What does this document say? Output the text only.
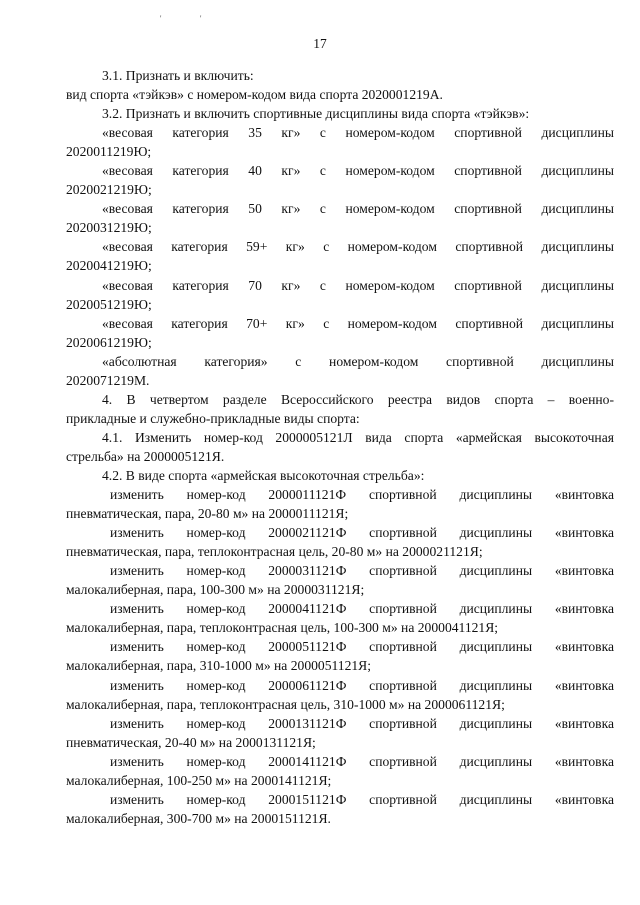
'	'
17

3.1. Признать и включить:

вид спорта «тэйкэв» с номером-кодом вида спорта 2020001219А.

3.2. Признать и включить спортивные дисциплины вида спорта «тэйкэв»:

«весовая категория 35 кг» с номером-кодом спортивной дисциплины

2020011219Ю;

«весовая категория 40 кг» с номером-кодом спортивной дисциплины

2020021219Ю;

«весовая категория 50 кг» с номером-кодом спортивной дисциплины

2020031219Ю;

«весовая категория 59+ кг» с номером-кодом спортивной дисциплины

2020041219Ю;

«весовая категория 70 кг» с номером-кодом спортивной дисциплины

2020051219Ю;

«весовая категория 70+ кг» с номером-кодом спортивной дисциплины

2020061219Ю;

«абсолютная категория» с номером-кодом спортивной дисциплины

2020071219М.

4. В четвертом разделе Всероссийского реестра видов спорта – военно-

прикладные и служебно-прикладные виды спорта:

4.1. Изменить номер-код 2000005121Л вида спорта «армейская высокоточная

стрельба» на 2000005121Я.

4.2. В виде спорта «армейская высокоточная стрельба»:

изменить номер-код 2000011121Ф спортивной дисциплины «винтовка

пневматическая, пара, 20-80 м» на 2000011121Я;

изменить номер-код 2000021121Ф спортивной дисциплины «винтовка

пневматическая, пара, теплоконтрасная цель, 20-80 м» на 2000021121Я;

изменить номер-код 2000031121Ф спортивной дисциплины «винтовка

малокалиберная, пара, 100-300 м» на 2000031121Я;

изменить номер-код 2000041121Ф спортивной дисциплины «винтовка

малокалиберная, пара, теплоконтрасная цель, 100-300 м» на 2000041121Я;

изменить номер-код 2000051121Ф спортивной дисциплины «винтовка

малокалиберная, пара, 310-1000 м» на 2000051121Я;

изменить номер-код 2000061121Ф спортивной дисциплины «винтовка

малокалиберная, пара, теплоконтрасная цель, 310-1000 м» на 2000061121Я;

изменить номер-код 2000131121Ф спортивной дисциплины «винтовка

пневматическая, 20-40 м» на 2000131121Я;

изменить номер-код 2000141121Ф спортивной дисциплины «винтовка

малокалиберная, 100-250 м» на 2000141121Я;

изменить номер-код 2000151121Ф спортивной дисциплины «винтовка

малокалиберная, 300-700 м» на 2000151121Я.
